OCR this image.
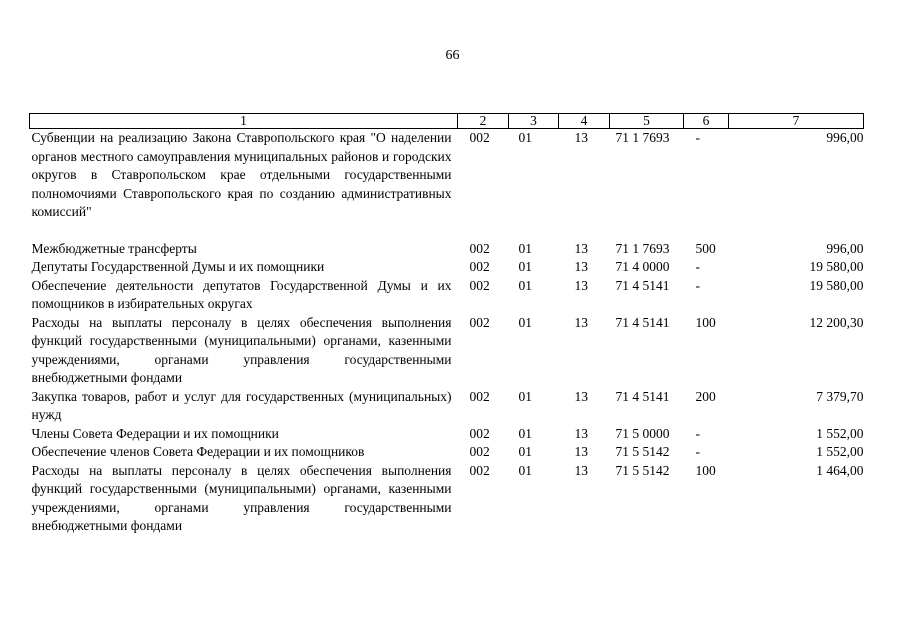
66
1	2	3	4	5	6	7
Субвенции на реализацию Закона Ставропольского края "О наделении органов местного самоуправления муниципальных районов и городских округов в Ставропольском крае отдельными государственными полномочиями Ставропольского края по созданию административных комиссий"	002	01	13	71 1 7693	-	996,00

Межбюджетные трансферты	002	01	13	71 1 7693	500	996,00
Депутаты Государственной Думы и их помощники	002	01	13	71 4 0000	-	19 580,00
Обеспечение деятельности депутатов Государственной Думы и их помощников в избирательных округах	002	01	13	71 4 5141	-	19 580,00
Расходы на выплаты персоналу в целях обеспечения выполнения функций государственными (муниципальными) органами, казенными учреждениями, органами управления государственными внебюджетными фондами	002	01	13	71 4 5141	100	12 200,30
Закупка товаров, работ и услуг для государственных (муниципальных) нужд	002	01	13	71 4 5141	200	7 379,70
Члены Совета Федерации и их помощники	002	01	13	71 5 0000	-	1 552,00
Обеспечение членов Совета Федерации и их помощников	002	01	13	71 5 5142	-	1 552,00
Расходы на выплаты персоналу в целях обеспечения выполнения функций государственными (муниципальными) органами, казенными учреждениями, органами управления государственными внебюджетными фондами	002	01	13	71 5 5142	100	1 464,00
